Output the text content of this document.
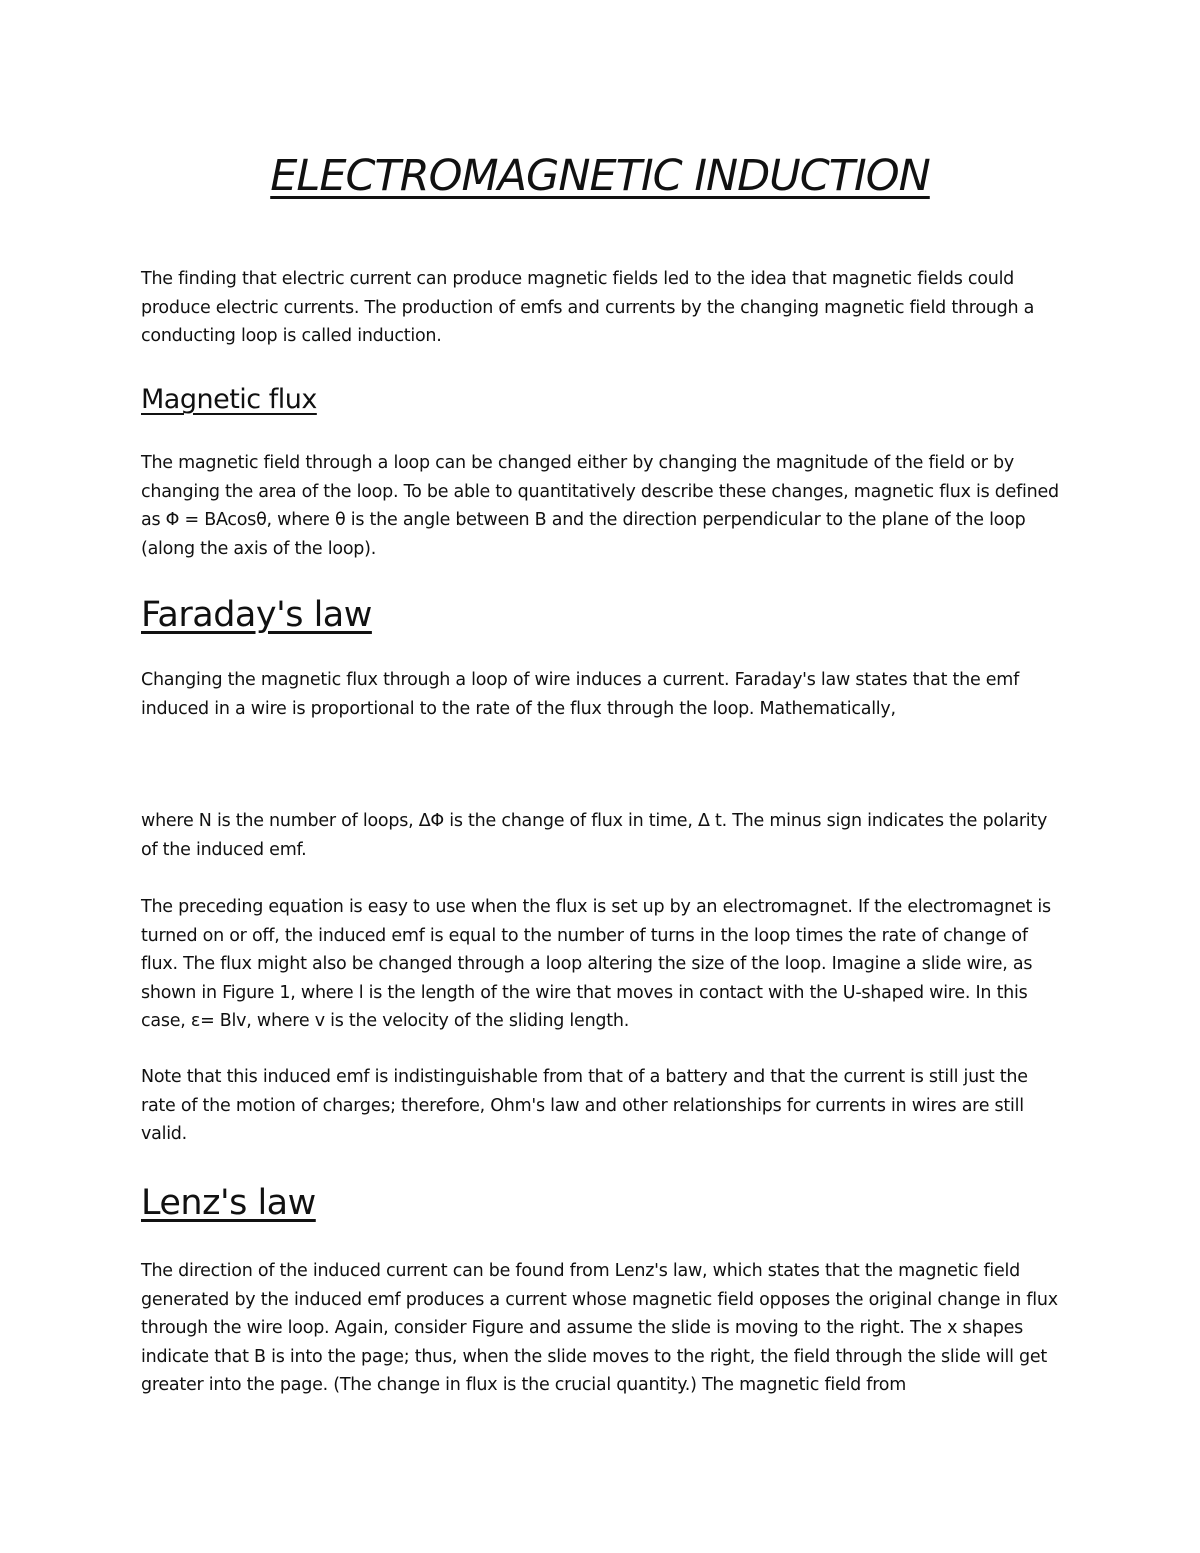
ELECTROMAGNETIC INDUCTION

The finding that electric current can produce magnetic fields led to the idea that magnetic fields could produce electric currents. The production of emfs and currents by the changing magnetic field through a conducting loop is called induction.

Magnetic flux

The magnetic field through a loop can be changed either by changing the magnitude of the field or by changing the area of the loop. To be able to quantitatively describe these changes, magnetic flux is defined as Φ = BAcosθ, where θ is the angle between B and the direction perpendicular to the plane of the loop (along the axis of the loop).

Faraday's law

Changing the magnetic flux through a loop of wire induces a current. Faraday's law states that the emf induced in a wire is proportional to the rate of the flux through the loop. Mathematically,

where N is the number of loops, ΔΦ is the change of flux in time, Δ t. The minus sign indicates the polarity of the induced emf.

The preceding equation is easy to use when the flux is set up by an electromagnet. If the electromagnet is turned on or off, the induced emf is equal to the number of turns in the loop times the rate of change of flux. The flux might also be changed through a loop altering the size of the loop. Imagine a slide wire, as shown in Figure 1, where l is the length of the wire that moves in contact with the U-shaped wire. In this case, ε= Blv, where v is the velocity of the sliding length.

Note that this induced emf is indistinguishable from that of a battery and that the current is still just the rate of the motion of charges; therefore, Ohm's law and other relationships for currents in wires are still valid.

Lenz's law

The direction of the induced current can be found from Lenz's law, which states that the magnetic field generated by the induced emf produces a current whose magnetic field opposes the original change in flux through the wire loop. Again, consider Figure and assume the slide is moving to the right. The x shapes indicate that B is into the page; thus, when the slide moves to the right, the field through the slide will get greater into the page. (The change in flux is the crucial quantity.) The magnetic field from
